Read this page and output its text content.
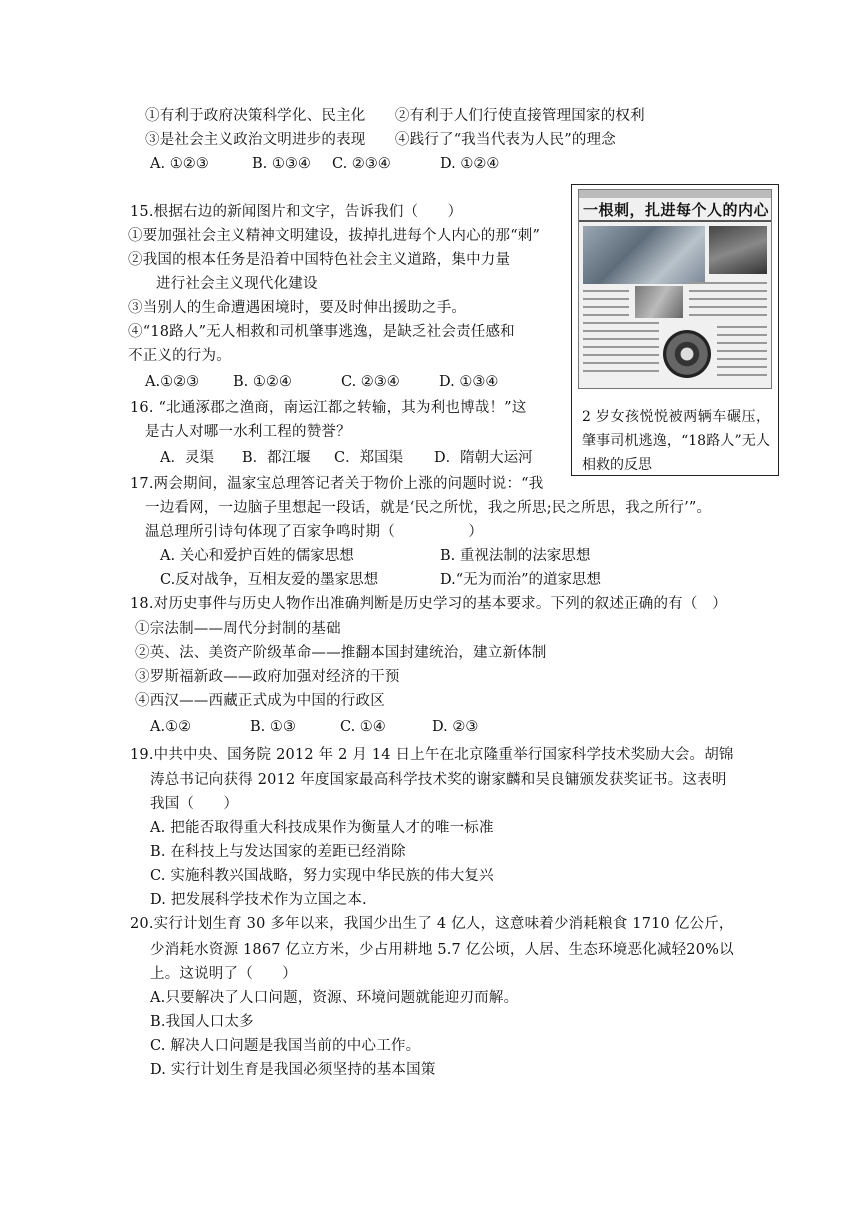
①有利于政府决策科学化、民主化　　②有利于人们行使直接管理国家的权利
③是社会主义政治文明进步的表现　　④践行了“我当代表为人民”的理念
A. ①②③	B. ①③④ C. ②③④	D. ①②④
15.根据右边的新闻图片和文字，告诉我们（　　）
①要加强社会主义精神文明建设，拔掉扎进每个人内心的那“刺”
②我国的根本任务是沿着中国特色社会主义道路，集中力量
进行社会主义现代化建设
③当别人的生命遭遇困境时，要及时伸出援助之手。
④“18路人”无人相救和司机肇事逃逸，是缺乏社会责任感和
不正义的行为。
A.①②③ B. ①②④	C. ②③④	D. ①③④
一根刺，扎进每个人的内心
2 岁女孩悦悦被两辆车碾压，肇事司机逃逸，“18路人”无人相救的反思
16. “北通涿郡之渔商，南运江都之转输，其为利也博哉！”这
是古人对哪一水利工程的赞誉？
A．灵渠 B．都江堰 C．郑国渠 D．隋朝大运河
17.两会期间，温家宝总理答记者关于物价上涨的问题时说：“我
一边看网，一边脑子里想起一段话，就是‘民之所忧，我之所思;民之所思，我之所行’”。
温总理所引诗句体现了百家争鸣时期（　　　　　）
A. 关心和爱护百姓的儒家思想	B. 重视法制的法家思想
C.反对战争，互相友爱的墨家思想	D.“无为而治”的道家思想
18.对历史事件与历史人物作出准确判断是历史学习的基本要求。下列的叙述正确的有（　）
①宗法制——周代分封制的基础
②英、法、美资产阶级革命——推翻本国封建统治，建立新体制
③罗斯福新政——政府加强对经济的干预
④西汉——西藏正式成为中国的行政区
A.①②	B. ①③	C. ①④	D. ②③
19.中共中央、国务院 2012 年 2 月 14 日上午在北京隆重举行国家科学技术奖励大会。胡锦
涛总书记向获得 2012 年度国家最高科学技术奖的谢家麟和吴良镛颁发获奖证书。这表明
我国（　　）
A. 把能否取得重大科技成果作为衡量人才的唯一标准
B. 在科技上与发达国家的差距已经消除
C. 实施科教兴国战略，努力实现中华民族的伟大复兴
D. 把发展科学技术作为立国之本.
20.实行计划生育 30 多年以来，我国少出生了 4 亿人，这意味着少消耗粮食 1710 亿公斤，
少消耗水资源 1867 亿立方米，少占用耕地 5.7 亿公顷，人居、生态环境恶化减轻20%以
上。这说明了（　　）
A.只要解决了人口问题，资源、环境问题就能迎刃而解。
B.我国人口太多
C. 解决人口问题是我国当前的中心工作。
D. 实行计划生育是我国必须坚持的基本国策
